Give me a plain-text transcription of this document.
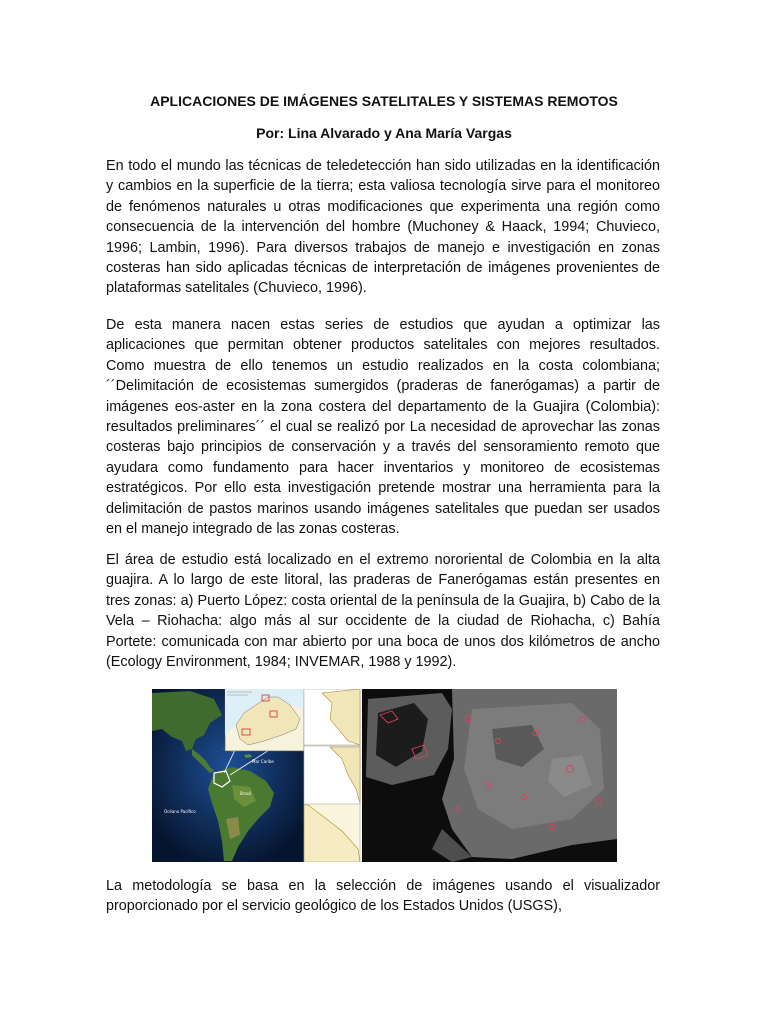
APLICACIONES DE IMÁGENES SATELITALES Y SISTEMAS REMOTOS
Por: Lina Alvarado y Ana María Vargas

En todo el mundo las técnicas de teledetección han sido utilizadas en la identificación y cambios en la superficie de la tierra; esta valiosa tecnología sirve para el monitoreo de fenómenos naturales u otras modificaciones que experimenta una región como consecuencia de la intervención del hombre (Muchoney & Haack, 1994; Chuvieco, 1996; Lambin, 1996). Para diversos trabajos de manejo e investigación en zonas costeras han sido aplicadas técnicas de interpretación de imágenes provenientes de plataformas satelitales (Chuvieco, 1996).

De esta manera nacen estas series de estudios que ayudan a optimizar las aplicaciones que permitan obtener productos satelitales con mejores resultados. Como muestra de ello tenemos un estudio realizados en la costa colombiana; ´´Delimitación de ecosistemas sumergidos (praderas de fanerógamas) a partir de imágenes eos-aster en la zona costera del departamento de la Guajira (Colombia): resultados preliminares´´ el cual se realizó por La necesidad de aprovechar las zonas costeras bajo principios de conservación y a través del sensoramiento remoto que ayudara como fundamento para hacer inventarios y monitoreo de ecosistemas estratégicos. Por ello esta investigación pretende mostrar una herramienta para la delimitación de pastos marinos usando imágenes satelitales que puedan ser usados en el manejo integrado de las zonas costeras.

El área de estudio está localizado en el extremo nororiental de Colombia en la alta guajira. A lo largo de este litoral, las praderas de Fanerógamas están presentes en tres zonas: a) Puerto López: costa oriental de la península de la Guajira, b) Cabo de la Vela – Riohacha: algo más al sur occidente de la ciudad de Riohacha, c) Bahía Portete: comunicada con mar abierto por una boca de unos dos kilómetros de ancho (Ecology Environment, 1984; INVEMAR, 1988 y 1992).

Mar Caribe
Brasil
Océano Pacífico

La metodología se basa en la selección de imágenes usando el visualizador proporcionado por el servicio geológico de los Estados Unidos (USGS),
